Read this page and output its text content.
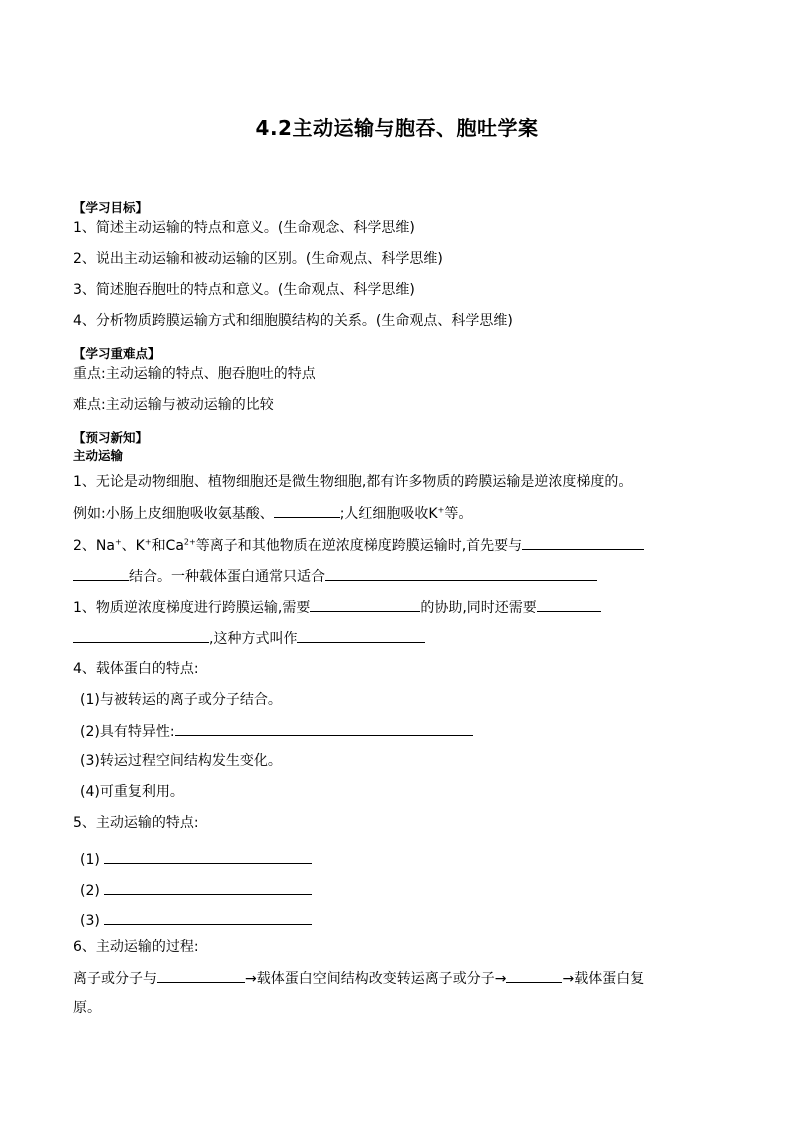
4.2主动运输与胞吞、胞吐学案
【学习目标】
1、简述主动运输的特点和意义。(生命观念、科学思维)
2、说出主动运输和被动运输的区别。(生命观点、科学思维)
3、简述胞吞胞吐的特点和意义。(生命观点、科学思维)
4、分析物质跨膜运输方式和细胞膜结构的关系。(生命观点、科学思维)
【学习重难点】
重点:主动运输的特点、胞吞胞吐的特点
难点:主动运输与被动运输的比较
【预习新知】
主动运输
1、无论是动物细胞、植物细胞还是微生物细胞,都有许多物质的跨膜运输是逆浓度梯度的。
例如:小肠上皮细胞吸收氨基酸、	;人红细胞吸收K+等。
2、Na+、K+和$Ca^{2+}$等离子和其他物质在逆浓度梯度跨膜运输时,首先要与
结合。一种载体蛋白通常只适合
1、物质逆浓度梯度进行跨膜运输,需要	的协助,同时还需要
,这种方式叫作
4、载体蛋白的特点:
(1)与被转运的离子或分子结合。
(2)具有特异性:
(3)转运过程空间结构发生变化。
(4)可重复利用。
5、主动运输的特点:
(1)
(2)
(3)
6、主动运输的过程:
离子或分子与	→载体蛋白空间结构改变转运离子或分子→	→载体蛋白复
原。
